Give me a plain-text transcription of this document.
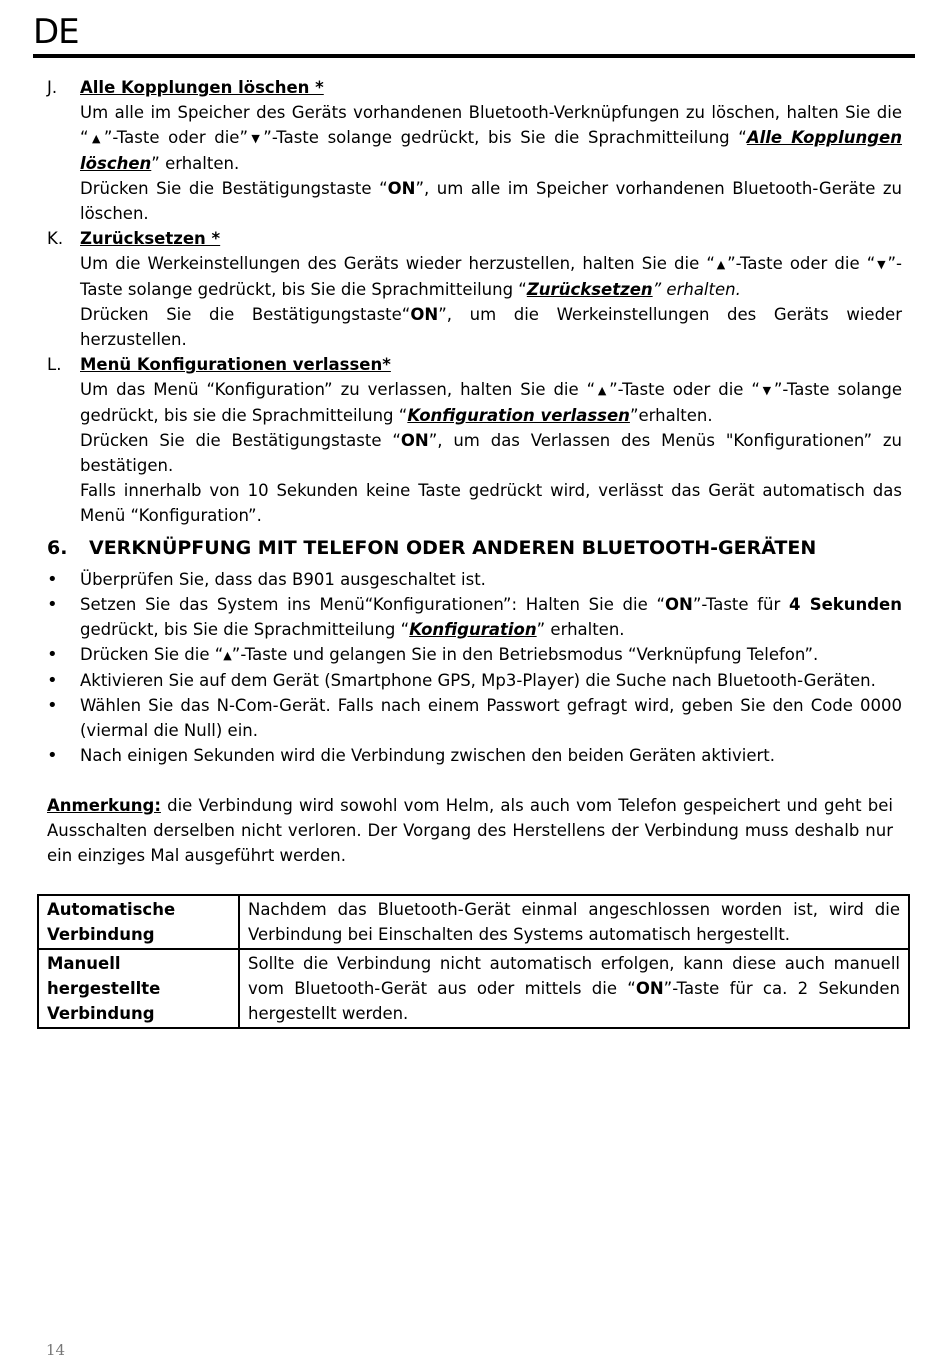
DE
J. Alle Kopplungen löschen *
Um alle im Speicher des Geräts vorhandenen Bluetooth-Verknüpfungen zu löschen, halten Sie die “▲”-Taste oder die”▼”-Taste solange gedrückt, bis Sie die Sprachmitteilung “Alle Kopplungen löschen” erhalten.
Drücken Sie die Bestätigungstaste “ON”, um alle im Speicher vorhandenen Bluetooth-Geräte zu löschen.
K. Zurücksetzen *
Um die Werkeinstellungen des Geräts wieder herzustellen, halten Sie die “▲”-Taste oder die “▼”-Taste solange gedrückt, bis Sie die Sprachmitteilung “Zurücksetzen” erhalten.
Drücken Sie die Bestätigungstaste“ON”, um die Werkeinstellungen des Geräts wieder herzustellen.
L. Menü Konfigurationen verlassen*
Um das Menü “Konfiguration” zu verlassen, halten Sie die “▲”-Taste oder die “▼”-Taste solange gedrückt, bis sie die Sprachmitteilung “Konfiguration verlassen”erhalten.
Drücken Sie die Bestätigungstaste “ON”, um das Verlassen des Menüs "Konfigurationen” zu bestätigen.
Falls innerhalb von 10 Sekunden keine Taste gedrückt wird, verlässt das Gerät automatisch das Menü “Konfiguration”.
6. VERKNÜPFUNG MIT TELEFON ODER ANDEREN BLUETOOTH-GERÄTEN
• Überprüfen Sie, dass das B901 ausgeschaltet ist.
• Setzen Sie das System ins Menü“Konfigurationen”: Halten Sie die “ON”-Taste für 4 Sekunden gedrückt, bis Sie die Sprachmitteilung “Konfiguration” erhalten.
• Drücken Sie die “▲”-Taste und gelangen Sie in den Betriebsmodus “Verknüpfung Telefon”.
• Aktivieren Sie auf dem Gerät (Smartphone GPS, Mp3-Player) die Suche nach Bluetooth-Geräten.
• Wählen Sie das N-Com-Gerät. Falls nach einem Passwort gefragt wird, geben Sie den Code 0000 (viermal die Null) ein.
• Nach einigen Sekunden wird die Verbindung zwischen den beiden Geräten aktiviert.
Anmerkung: die Verbindung wird sowohl vom Helm, als auch vom Telefon gespeichert und geht bei Ausschalten derselben nicht verloren. Der Vorgang des Herstellens der Verbindung muss deshalb nur ein einziges Mal ausgeführt werden.
Automatische Verbindung	Nachdem das Bluetooth-Gerät einmal angeschlossen worden ist, wird die Verbindung bei Einschalten des Systems automatisch hergestellt.
Manuell hergestellte Verbindung	Sollte die Verbindung nicht automatisch erfolgen, kann diese auch manuell vom Bluetooth-Gerät aus oder mittels die “ON”-Taste für ca. 2 Sekunden hergestellt werden.
14
